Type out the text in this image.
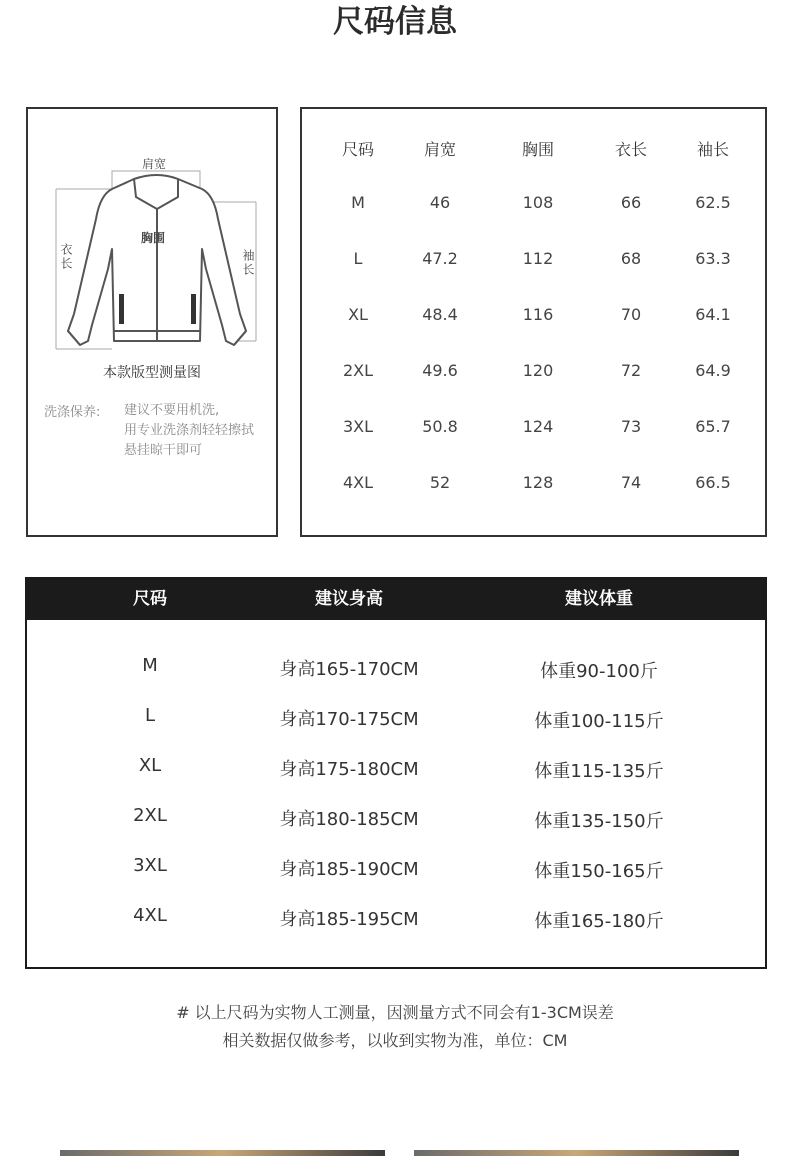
尺码信息
肩宽
胸围
衣长	袖长
本款版型测量图
洗涤保养: 建议不要用机洗,
用专业洗涤剂轻轻擦拭
悬挂晾干即可
尺码	肩宽	胸围	衣长	袖长
M	46	108	66	62.5
L	47.2	112	68	63.3
XL	48.4	116	70	64.1
2XL	49.6	120	72	64.9
3XL	50.8	124	73	65.7
4XL	52	128	74	66.5
尺码	建议身高	建议体重
M	身高165-170CM	体重90-100斤
L	身高170-175CM	体重100-115斤
XL	身高175-180CM	体重115-135斤
2XL	身高180-185CM	体重135-150斤
3XL	身高185-190CM	体重150-165斤
4XL	身高185-195CM	体重165-180斤
# 以上尺码为实物人工测量，因测量方式不同会有1-3CM误差
相关数据仅做参考，以收到实物为准，单位：CM
